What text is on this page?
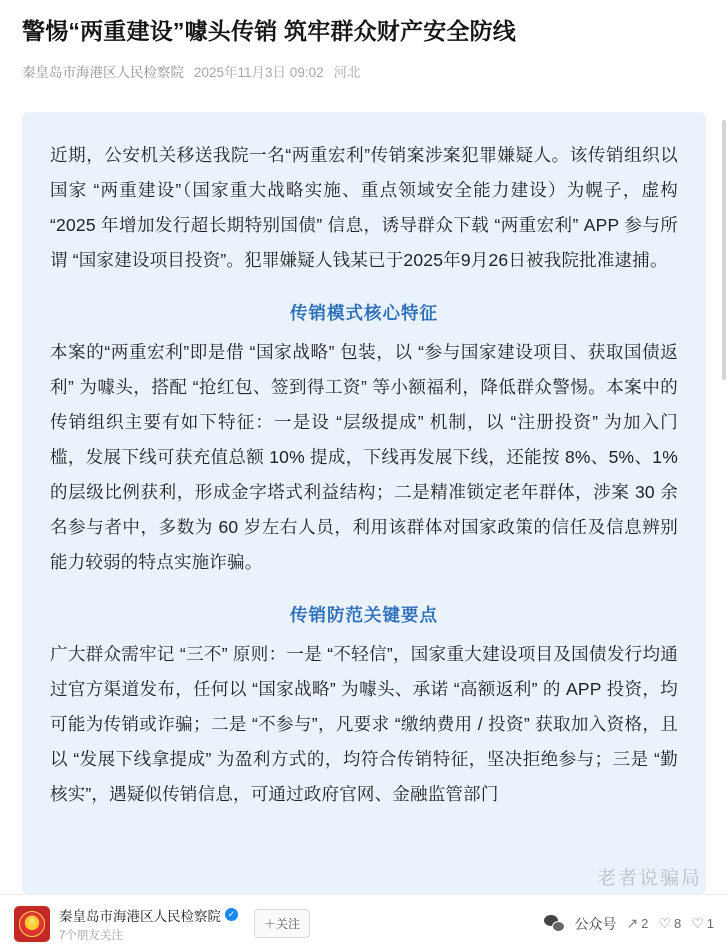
警惕“两重建设”噱头传销 筑牢群众财产安全防线
秦皇岛市海港区人民检察院 2025年11月3日 09:02 河北

近期，公安机关移送我院一名“两重宏利”传销案涉案犯罪嫌疑人。该传销组织以国家 “两重建设”（国家重大战略实施、重点领域安全能力建设）为幌子，虚构 “2025 年增加发行超长期特别国债” 信息，诱导群众下载 “两重宏利” APP 参与所谓 “国家建设项目投资”。犯罪嫌疑人钱某已于2025年9月26日被我院批准逮捕。

传销模式核心特征

本案的“两重宏利”即是借 “国家战略” 包装，以 “参与国家建设项目、获取国债返利” 为噱头，搭配 “抢红包、签到得工资” 等小额福利，降低群众警惕。本案中的传销组织主要有如下特征：一是设 “层级提成” 机制，以 “注册投资” 为加入门槛，发展下线可获充值总额 10% 提成，下线再发展下线，还能按 8%、5%、1% 的层级比例获利，形成金字塔式利益结构；二是精准锁定老年群体，涉案 30 余名参与者中，多数为 60 岁左右人员，利用该群体对国家政策的信任及信息辨别能力较弱的特点实施诈骗。

传销防范关键要点

广大群众需牢记 “三不” 原则：一是 “不轻信”，国家重大建设项目及国债发行均通过官方渠道发布，任何以 “国家战略” 为噱头、承诺 “高额返利” 的 APP 投资，均可能为传销或诈骗；二是 “不参与”，凡要求 “缴纳费用 / 投资” 获取加入资格，且以 “发展下线拿提成” 为盈利方式的，均符合传销特征，坚决拒绝参与；三是 “勤核实”，遇疑似传销信息，可通过政府官网、金融监管部门

老者说骗局
★
秦皇岛市海港区人民检察院 ✓
7个朋友关注
＋关注	公众号 ↗ 2 ♡ 8 ♡ 1
